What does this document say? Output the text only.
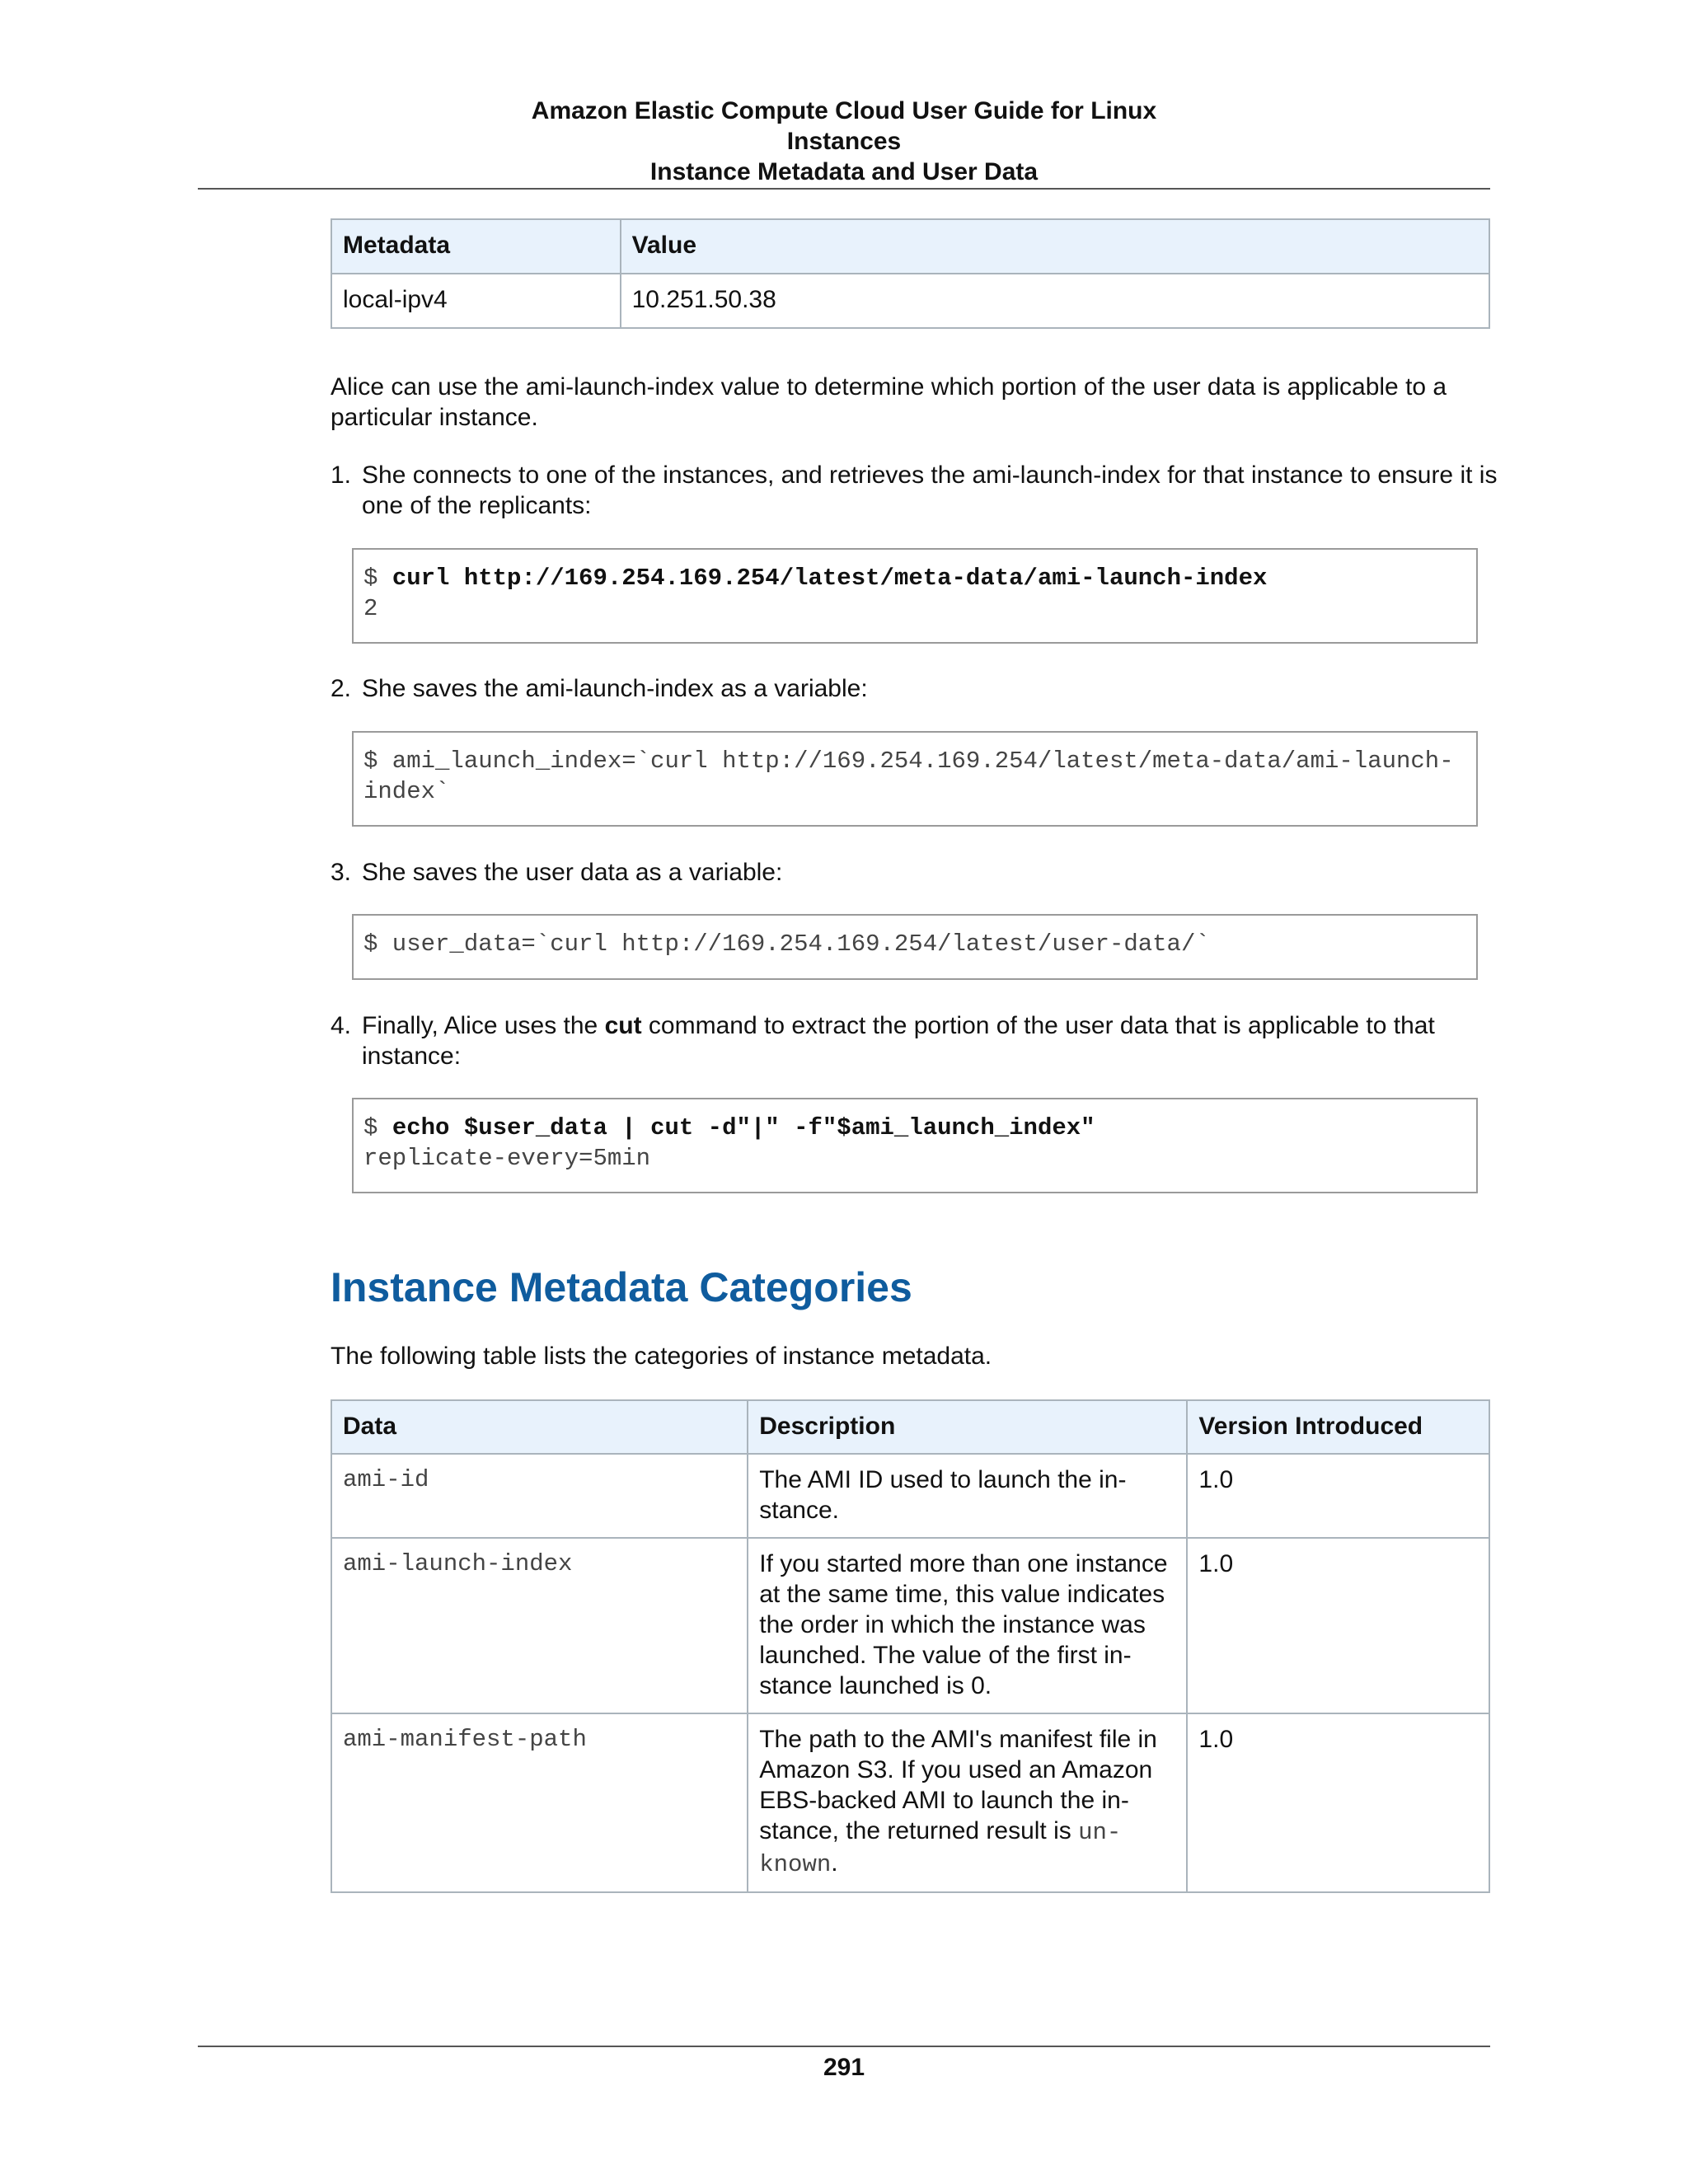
Amazon Elastic Compute Cloud User Guide for Linux
Instances
Instance Metadata and User Data
Metadata	Value
local-ipv4	10.251.50.38

Alice can use the ami-launch-index value to determine which portion of the user data is applicable to a particular instance.

1. She connects to one of the instances, and retrieves the ami-launch-index for that instance to ensure it is one of the replicants:
$ curl http://169.254.169.254/latest/meta-data/ami-launch-index
2
2. She saves the ami-launch-index as a variable:
$ ami_launch_index=`curl http://169.254.169.254/latest/meta-data/ami-launch-
index`
3. She saves the user data as a variable:
$ user_data=`curl http://169.254.169.254/latest/user-data/`
4. Finally, Alice uses the cut command to extract the portion of the user data that is applicable to that instance:
$ echo $user_data | cut -d"|" -f"$ami_launch_index"
replicate-every=5min
Instance Metadata Categories

The following table lists the categories of instance metadata.

Data	Description	Version Introduced
ami-id	The AMI ID used to launch the in-stance.	1.0
ami-launch-index	If you started more than one instance at the same time, this value indicates the order in which the instance was launched. The value of the first in-stance launched is 0.	1.0
ami-manifest-path	The path to the AMI's manifest file in Amazon S3. If you used an Amazon EBS-backed AMI to launch the in-stance, the returned result is un-known.	1.0
291
